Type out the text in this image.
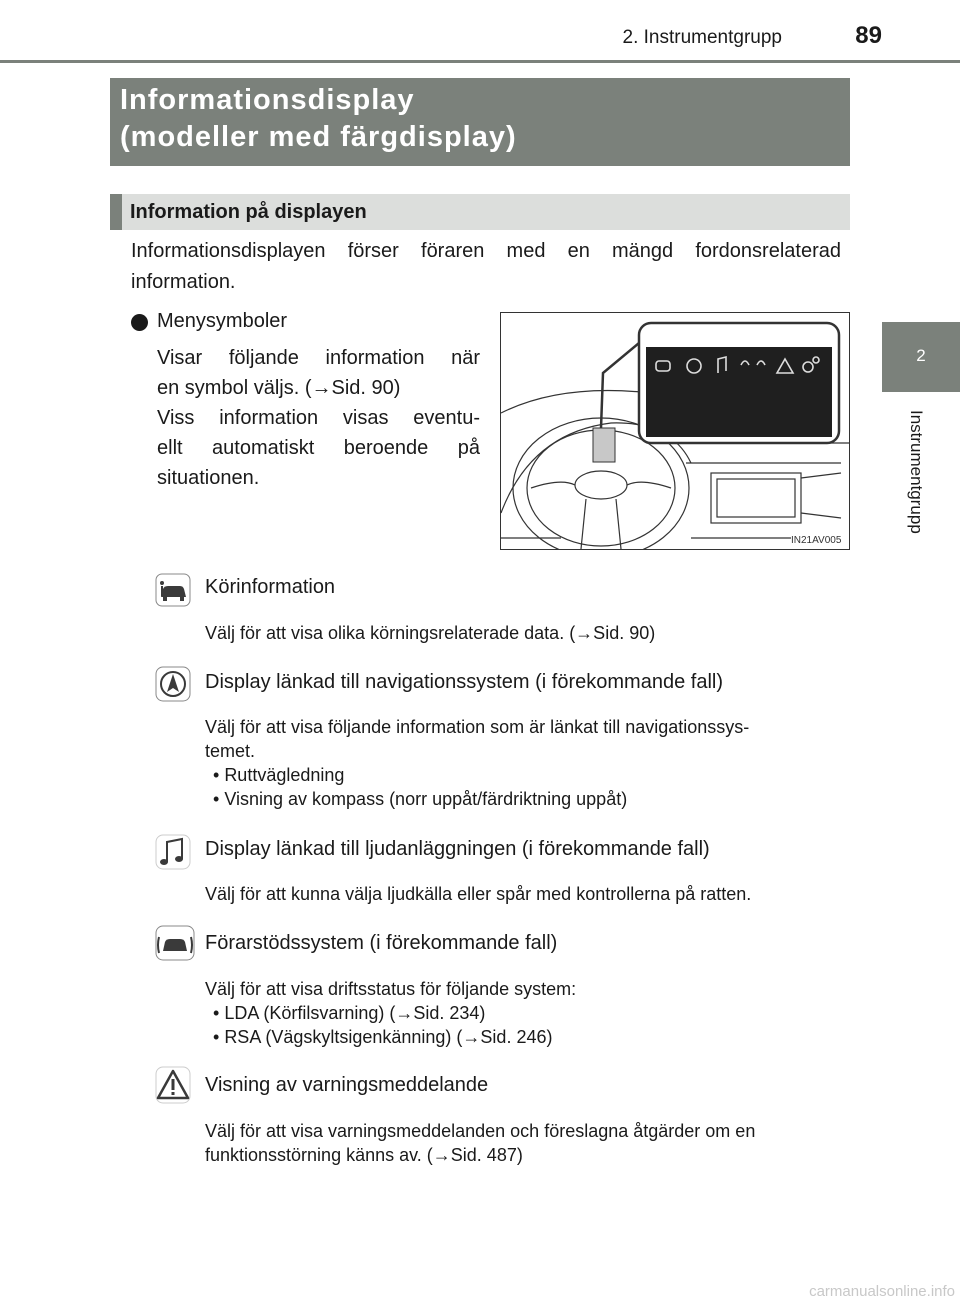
2. Instrumentgrupp	89
2
Instrumentgrupp
Informationsdisplay
(modeller med färgdisplay)
Information på displayen
Informationsdisplayen förser föraren med en mängd fordonsrelaterad
information.
Menysymboler
Visar följande information när
en symbol väljs. (→Sid. 90)
Viss information visas eventu-
ellt automatiskt beroende på
situationen.
IN21AV005
Körinformation
Välj för att visa olika körningsrelaterade data. (→Sid. 90)
Display länkad till navigationssystem (i förekommande fall)
Välj för att visa följande information som är länkat till navigationssys-
temet.
• Ruttvägledning
• Visning av kompass (norr uppåt/färdriktning uppåt)
Display länkad till ljudanläggningen (i förekommande fall)
Välj för att kunna välja ljudkälla eller spår med kontrollerna på ratten.
Förarstödssystem (i förekommande fall)
Välj för att visa driftsstatus för följande system:
• LDA (Körfilsvarning) (→Sid. 234)
• RSA (Vägskyltsigenkänning) (→Sid. 246)
Visning av varningsmeddelande
Välj för att visa varningsmeddelanden och föreslagna åtgärder om en
funktionsstörning känns av. (→Sid. 487)
carmanualsonline.info
